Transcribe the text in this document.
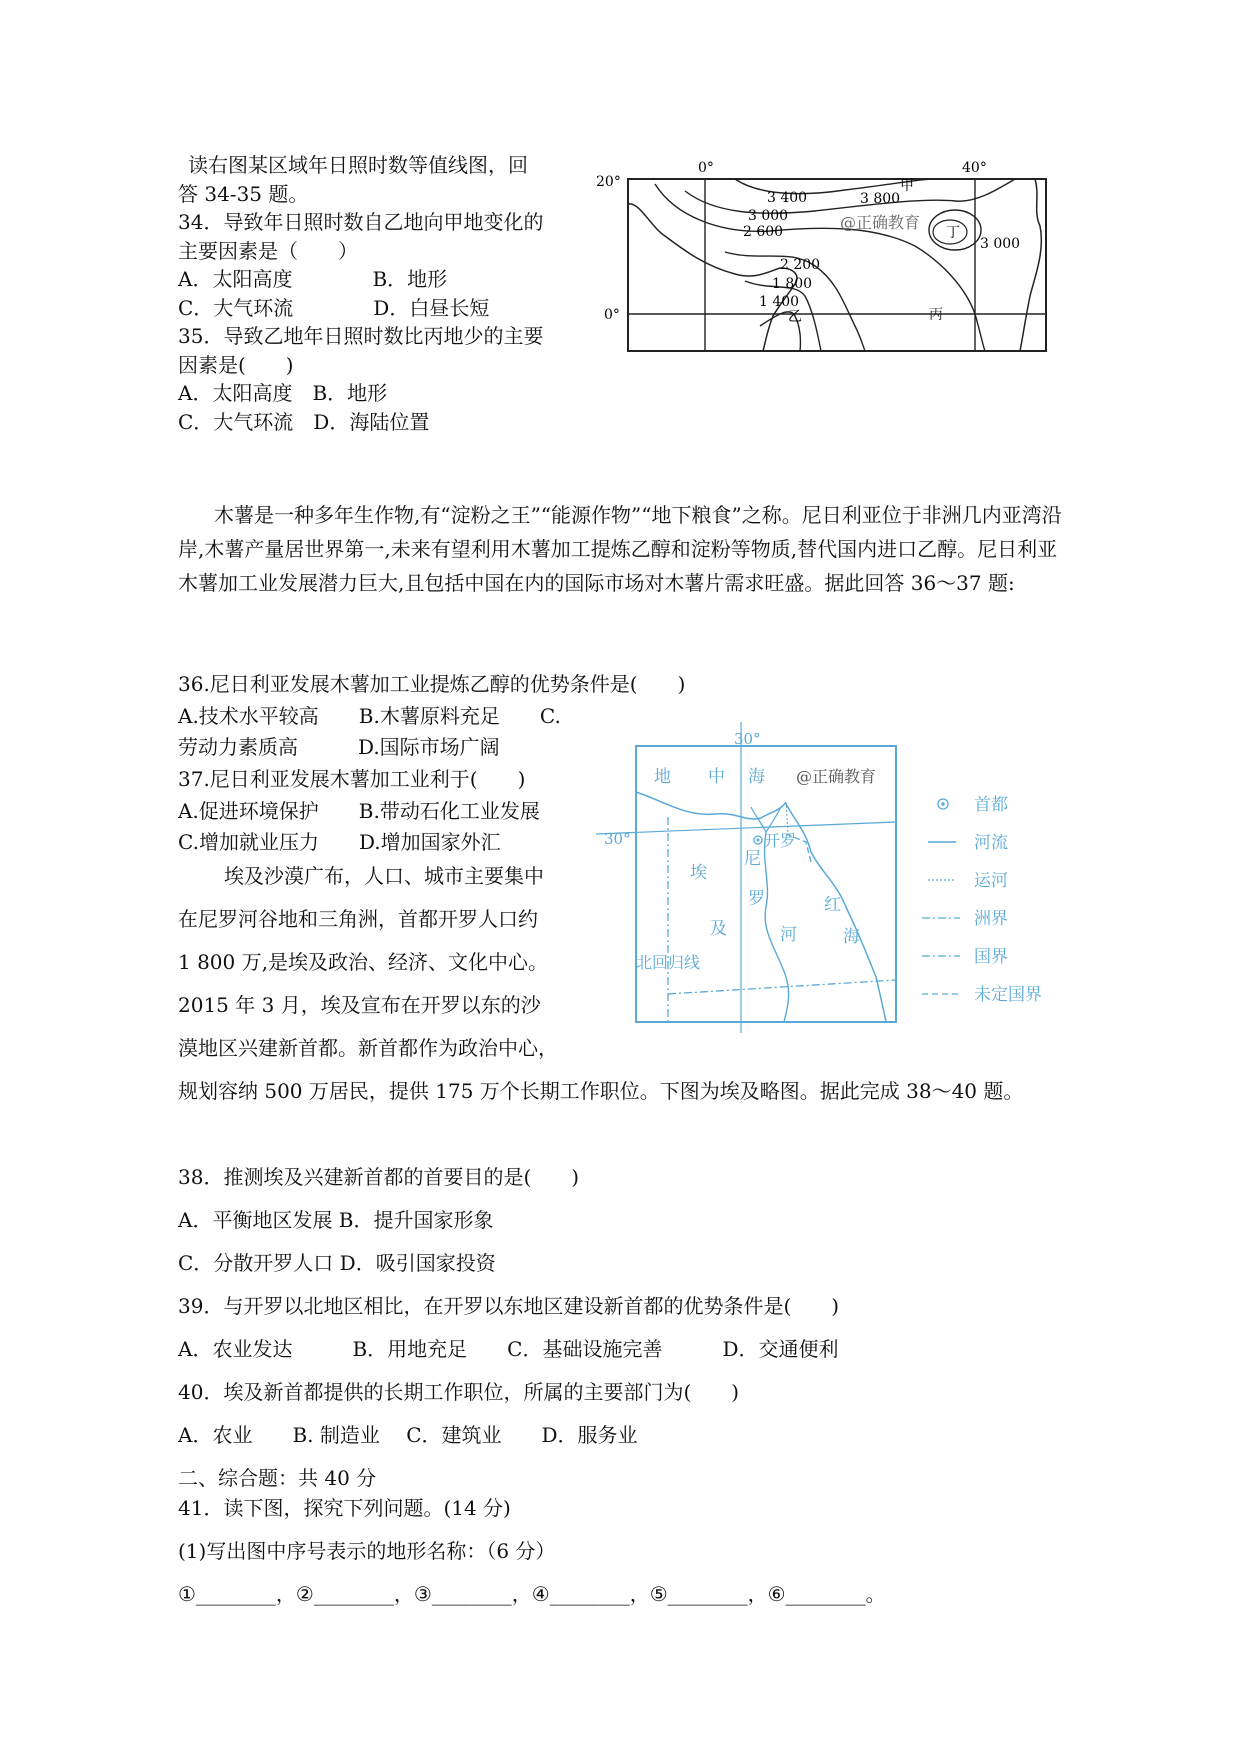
读右图某区域年日照时数等值线图，回
答 34-35 题。
34．导致年日照时数自乙地向甲地变化的
主要因素是（　　）
A．太阳高度　　　　B．地形
C．大气环流　　　　D．白昼长短
35．导致乙地年日照时数比丙地少的主要
因素是(　　)
A．太阳高度　B．地形
C．大气环流　D．海陆位置
0°	40°
20°
0°
3 400	3 800
3 000
2 600
2 200
1 800
1 400
3 000
甲
乙	丙
丁
@正确教育
木薯是一种多年生作物,有“淀粉之王”“能源作物”“地下粮食”之称。尼日利亚位于非洲几内亚湾沿岸,木薯产量居世界第一,未来有望利用木薯加工提炼乙醇和淀粉等物质,替代国内进口乙醇。尼日利亚木薯加工业发展潜力巨大,且包括中国在内的国际市场对木薯片需求旺盛。据此回答 36～37 题:
36.尼日利亚发展木薯加工业提炼乙醇的优势条件是(　　)
A.技术水平较高　　B.木薯原料充足　　C.
劳动力素质高　　　D.国际市场广阔
37.尼日利亚发展木薯加工业利于(　　)
A.促进环境保护　　B.带动石化工业发展
C.增加就业压力　　D.增加国家外汇
埃及沙漠广布，人口、城市主要集中
在尼罗河谷地和三角洲，首都开罗人口约
1 800 万,是埃及政治、经济、文化中心。
2015 年 3 月，埃及宣布在开罗以东的沙
漠地区兴建新首都。新首都作为政治中心，
规划容纳 500 万居民，提供 175 万个长期工作职位。下图为埃及略图。据此完成 38～40 题。
30°
30°
地 中 海 @正确教育
开罗
尼
罗
河
埃
及
红
海
北回归线
首都
河流
运河
洲界
国界
未定国界
38．推测埃及兴建新首都的首要目的是(　　)
A．平衡地区发展 B．提升国家形象
C．分散开罗人口 D．吸引国家投资
39．与开罗以北地区相比，在开罗以东地区建设新首都的优势条件是(　　)
A．农业发达　　　B．用地充足　　C．基础设施完善　　　D．交通便利
40．埃及新首都提供的长期工作职位，所属的主要部门为(　　)
A．农业　　B. 制造业　 C．建筑业　　D．服务业
二、综合题：共 40 分
41．读下图，探究下列问题。(14 分)
(1)写出图中序号表示的地形名称：（6 分）
①________，②________，③________，④________，⑤________，⑥________。
